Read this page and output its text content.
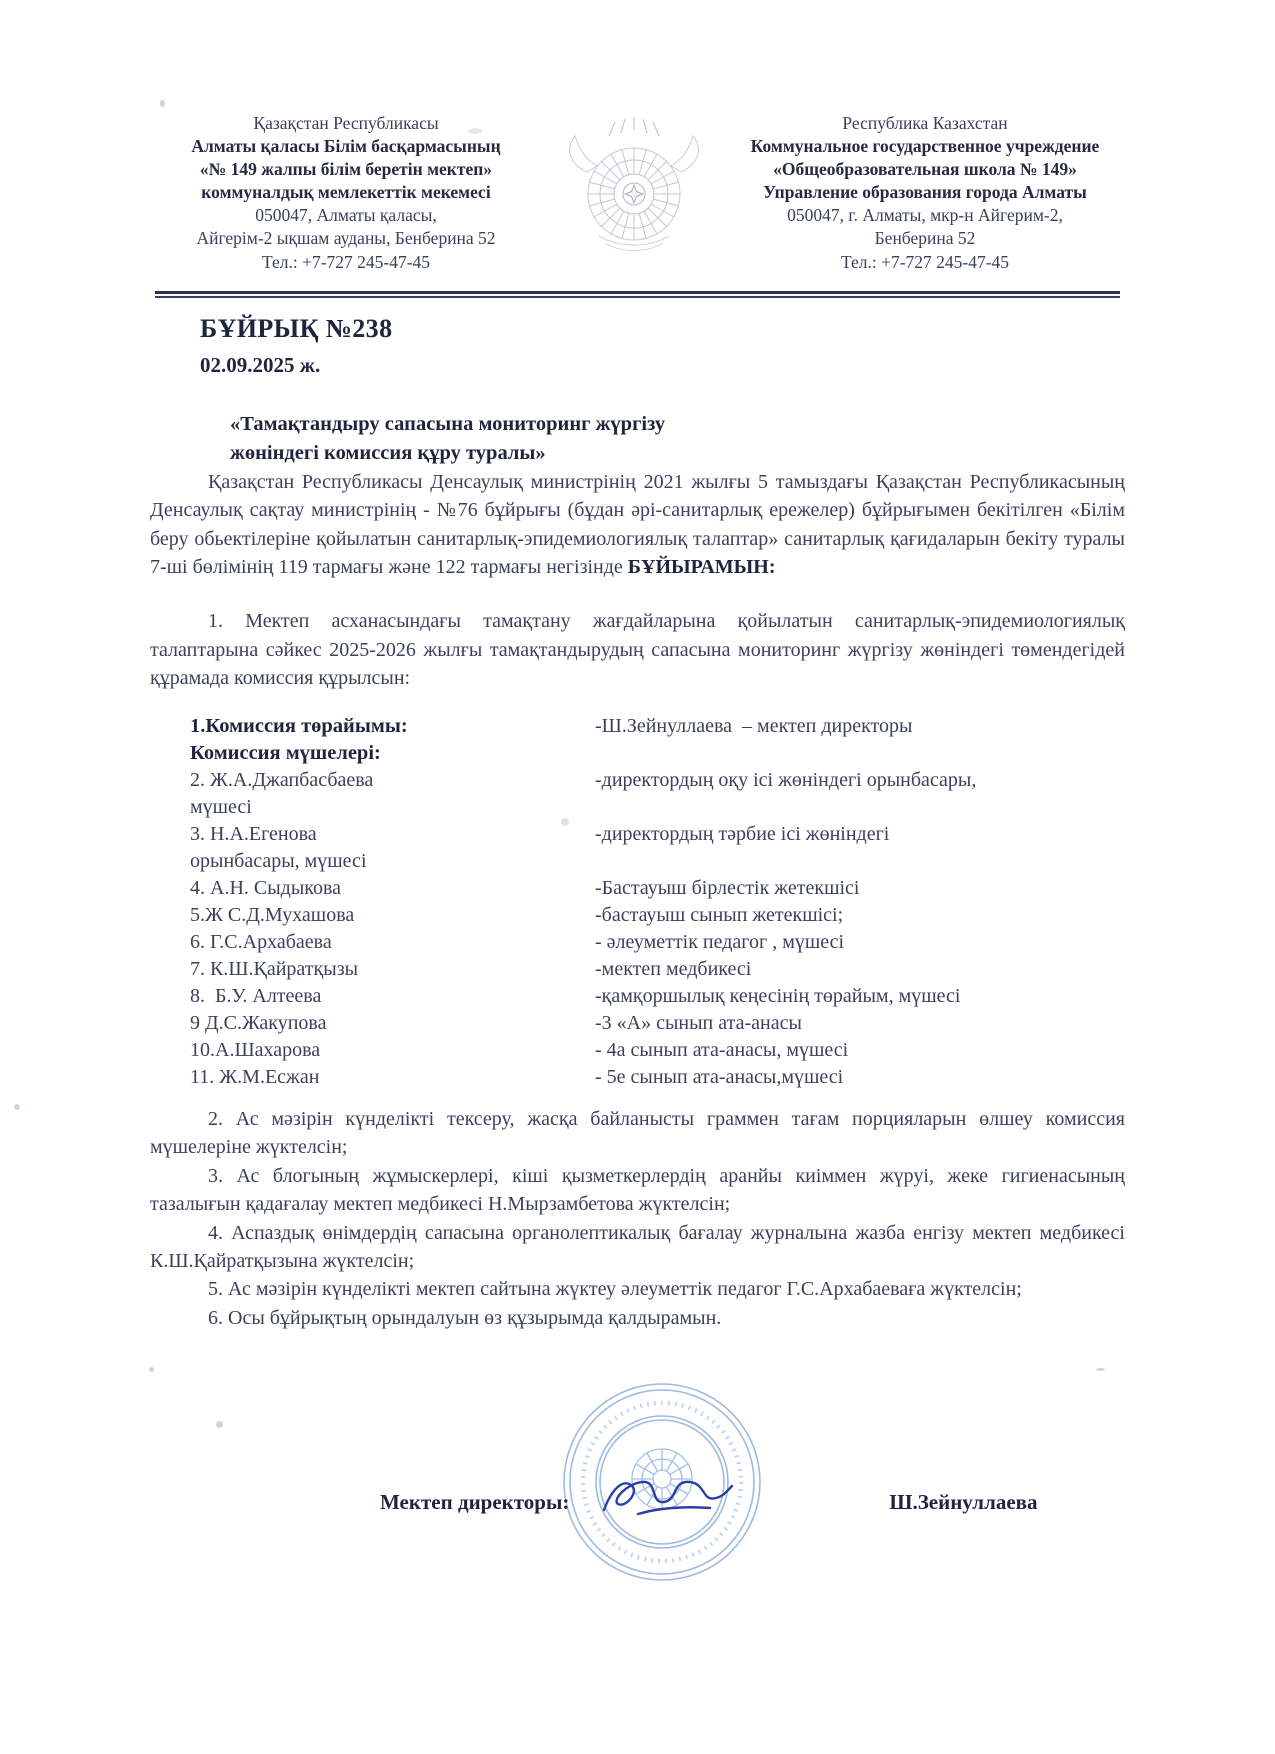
Қазақстан Республикасы
Алматы қаласы Білім басқармасының
«№ 149 жалпы білім беретін мектеп»
коммуналдық мемлекеттік мекемесі
050047, Алматы қаласы,
Айгерім-2 ықшам ауданы, Бенберина 52
Тел.: +7-727 245-47-45
Республика Казахстан
Коммунальное государственное учреждение
«Общеобразовательная школа № 149»
Управление образования города Алматы
050047, г. Алматы, мкр-н Айгерим-2,
Бенберина 52
Тел.: +7-727 245-47-45
БҰЙРЫҚ №238
02.09.2025 ж.
«Тамақтандыру сапасына мониторинг жүргізу
жөніндегі комиссия құру туралы»

Қазақстан Республикасы Денсаулық министрінің 2021 жылғы 5 тамыздағы Қазақстан Республикасының Денсаулық сақтау министрінің - №76 бұйрығы (бұдан әрі-санитарлық ережелер) бұйрығымен бекітілген «Білім беру обьектілеріне қойылатын санитарлық-эпидемиологиялық талаптар» санитарлық қағидаларын бекіту туралы 7-ші бөлімінің 119 тармағы және 122 тармағы негізінде БҰЙЫРАМЫН:

1. Мектеп асханасындағы тамақтану жағдайларына қойылатын санитарлық-эпидемиологиялық талаптарына сәйкес 2025-2026 жылғы тамақтандырудың сапасына мониторинг жүргізу жөніндегі төмендегідей құрамада комиссия құрылсын:

1.Комиссия төрайымы:	-Ш.Зейнуллаева  – мектеп директоры
Комиссия мүшелері:
2. Ж.А.Джапбасбаева	-директордың оқу ісі жөніндегі орынбасары,
мүшесі
3. Н.А.Егенова	-директордың тәрбие ісі жөніндегі
орынбасары, мүшесі
4. А.Н. Сыдыкова	-Бастауыш бірлестік жетекшісі
5.Ж С.Д.Мухашова	-бастауыш сынып жетекшісі;
6. Г.С.Архабаева	- әлеуметтік педагог , мүшесі
7. К.Ш.Қайратқызы	-мектеп медбикесі
8.  Б.У. Алтеева	-қамқоршылық кеңесінің төрайым, мүшесі
9 Д.С.Жакупова	-3 «А» сынып ата-анасы
10.А.Шахарова	- 4а сынып ата-анасы, мүшесі
11. Ж.М.Есжан	- 5е сынып ата-анасы,мүшесі

2. Ас мәзірін күнделікті тексеру, жасқа байланысты граммен тағам порцияларын өлшеу комиссия мүшелеріне жүктелсін;

3. Ас блогының жұмыскерлері, кіші қызметкерлердің аранйы киіммен жүруі, жеке гигиенасының тазалығын қадағалау мектеп медбикесі Н.Мырзамбетова жүктелсін;

4. Аспаздық өнімдердің сапасына органолептикалық бағалау журналына жазба енгізу мектеп медбикесі К.Ш.Қайратқызына жүктелсін;

5. Ас мәзірін күнделікті мектеп сайтына жүктеу әлеуметтік педагог Г.С.Архабаеваға жүктелсін;

6. Осы бұйрықтың орындалуын өз құзырымда қалдырамын.

Мектеп директоры:	Ш.Зейнуллаева
